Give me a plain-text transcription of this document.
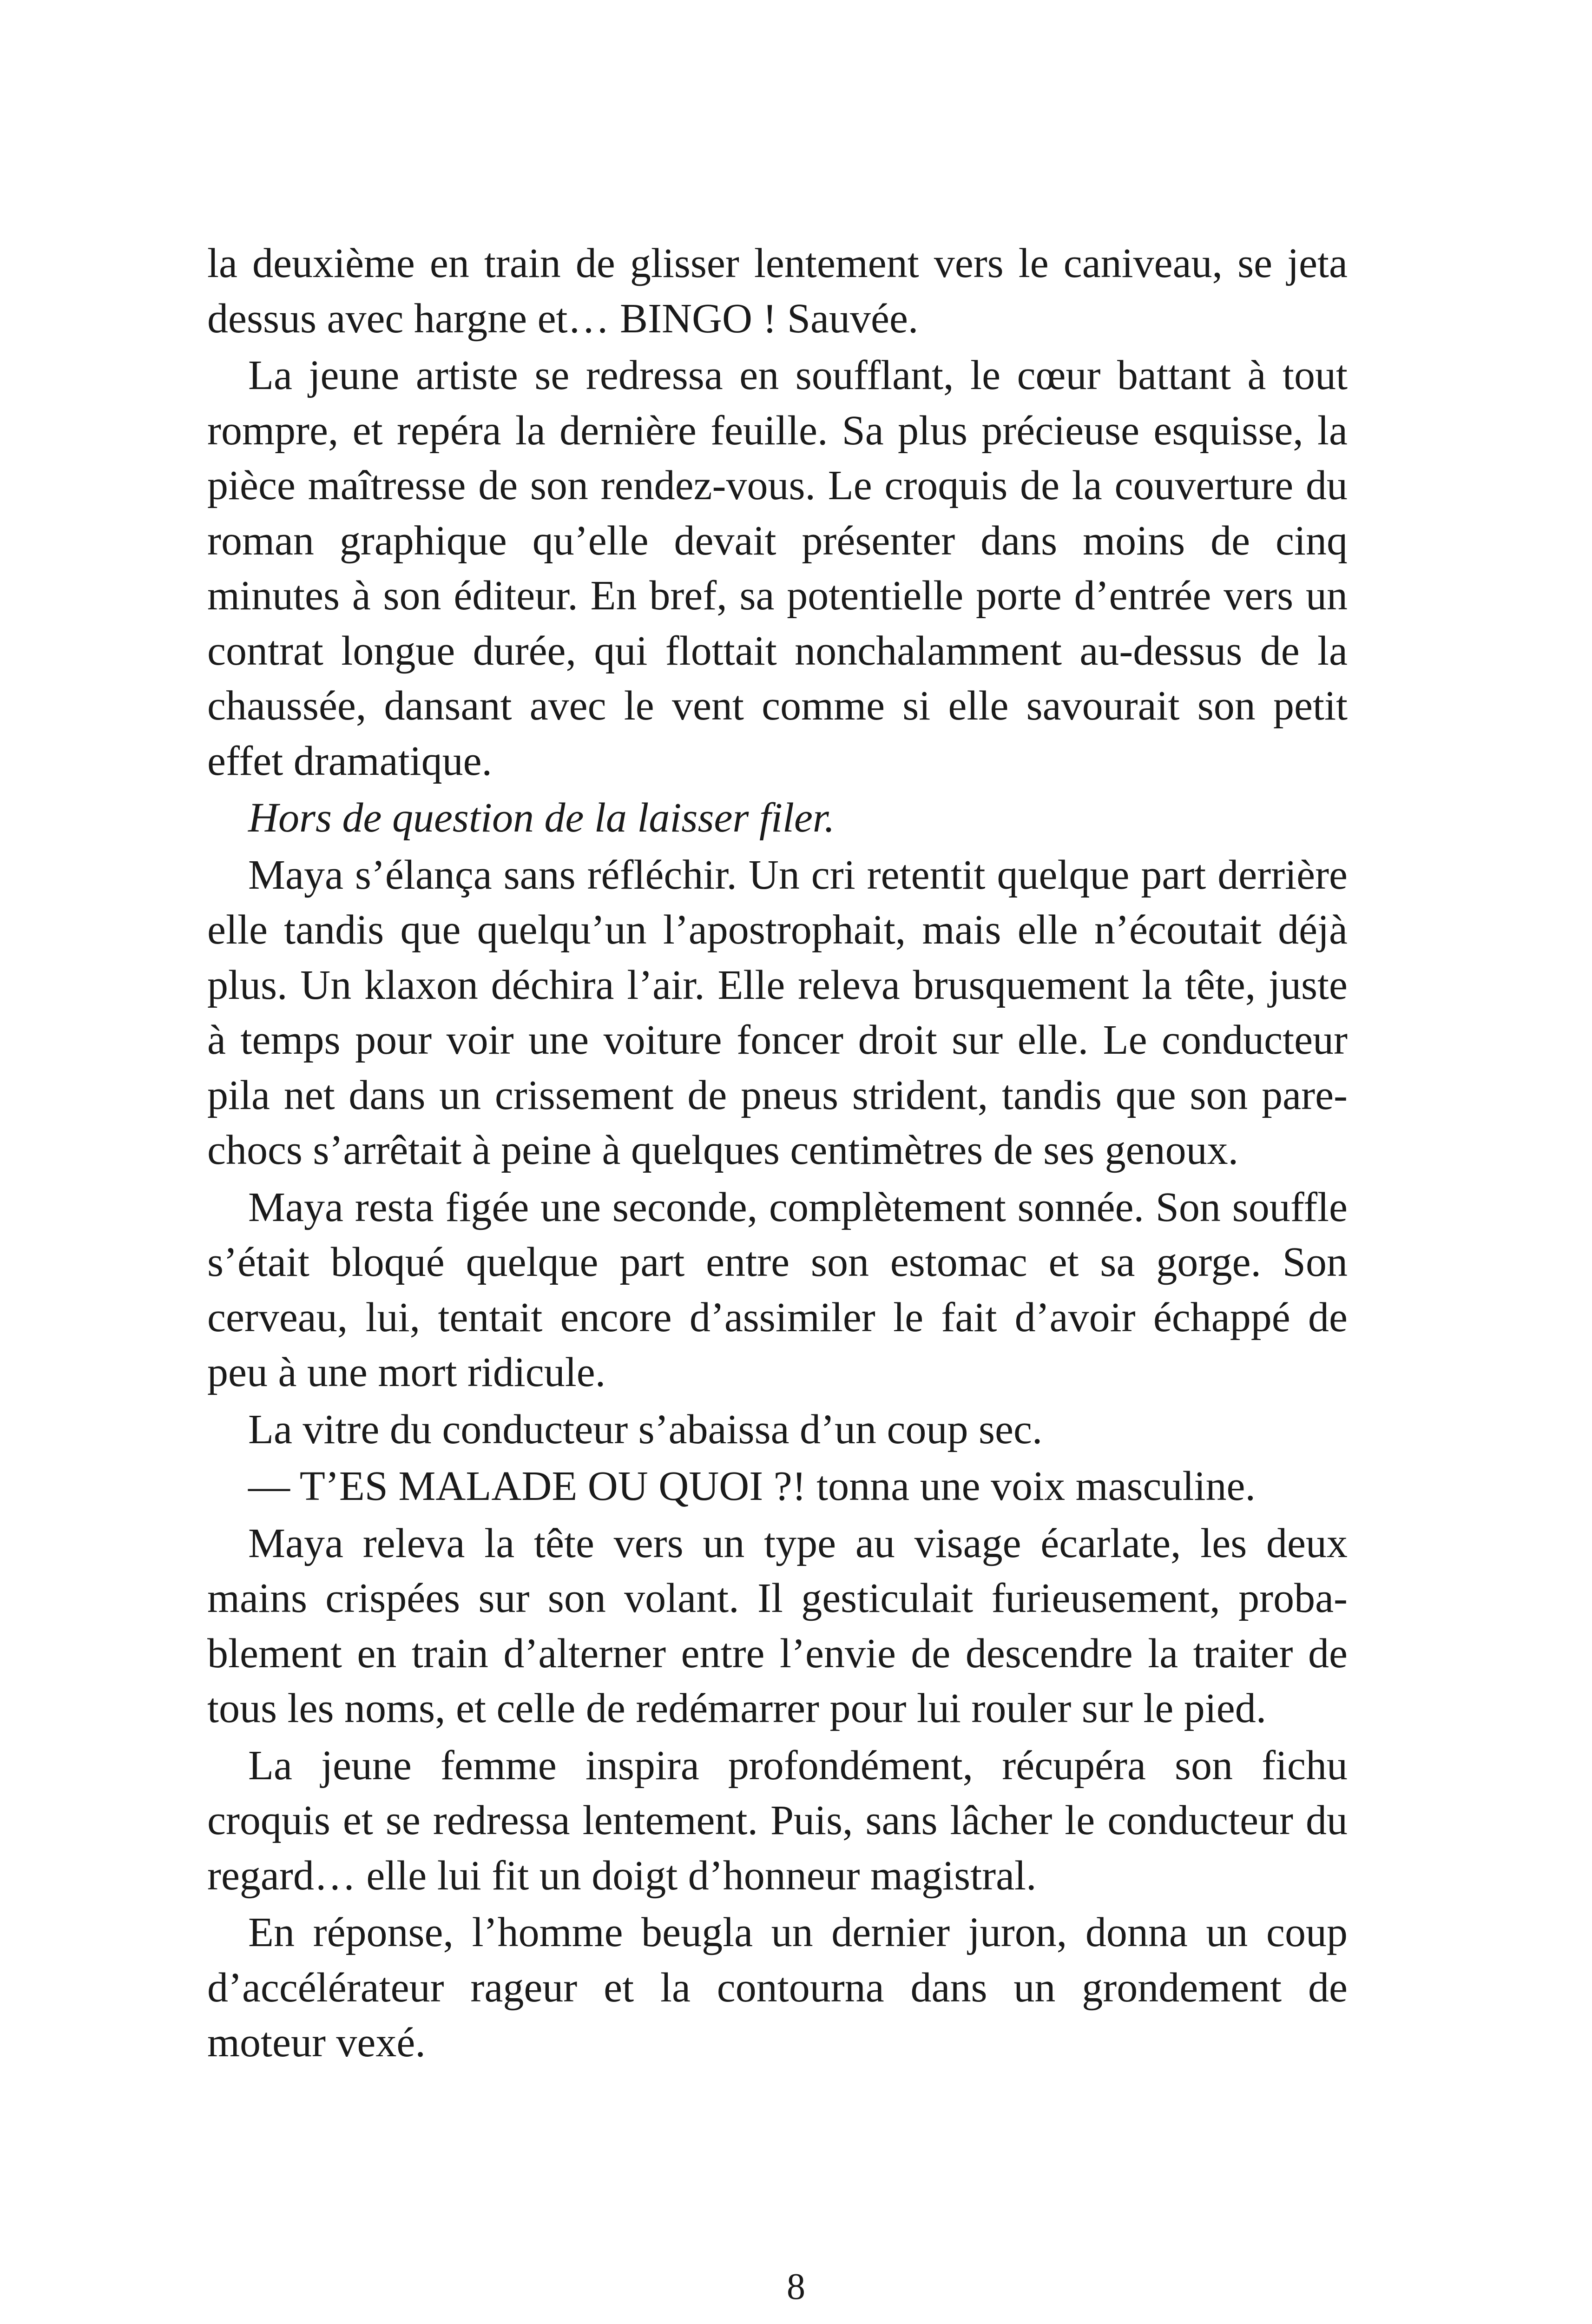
la deuxième en train de glisser lentement vers le caniveau, se jeta dessus avec hargne et… BINGO ! Sauvée.

La jeune artiste se redressa en soufflant, le cœur battant à tout rompre, et repéra la dernière feuille. Sa plus précieuse esquisse, la pièce maîtresse de son rendez-vous. Le croquis de la couverture du roman graphique qu’elle devait présenter dans moins de cinq minutes à son éditeur. En bref, sa potentielle porte d’entrée vers un contrat longue durée, qui flottait nonchalamment au-dessus de la chaussée, dansant avec le vent comme si elle savourait son petit effet dramatique.

Hors de question de la laisser filer.

Maya s’élança sans réfléchir. Un cri retentit quelque part derrière elle tandis que quelqu’un l’apostrophait, mais elle n’écoutait déjà plus. Un klaxon déchira l’air. Elle releva brusquement la tête, juste à temps pour voir une voiture foncer droit sur elle. Le conducteur pila net dans un crissement de pneus strident, tandis que son pare-chocs s’arrêtait à peine à quelques centimètres de ses genoux.

Maya resta figée une seconde, complètement sonnée. Son souffle s’était bloqué quelque part entre son estomac et sa gorge. Son cerveau, lui, tentait encore d’assimiler le fait d’avoir échappé de peu à une mort ridicule.

La vitre du conducteur s’abaissa d’un coup sec.

— T’ES MALADE OU QUOI ?! tonna une voix masculine.

Maya releva la tête vers un type au visage écarlate, les deux mains crispées sur son volant. Il gesticulait furieusement, probablement en train d’alterner entre l’envie de descendre la traiter de tous les noms, et celle de redémarrer pour lui rouler sur le pied.

La jeune femme inspira profondément, récupéra son fichu croquis et se redressa lentement. Puis, sans lâcher le conducteur du regard… elle lui fit un doigt d’honneur magistral.

En réponse, l’homme beugla un dernier juron, donna un coup d’accélérateur rageur et la contourna dans un grondement de moteur vexé.

8
